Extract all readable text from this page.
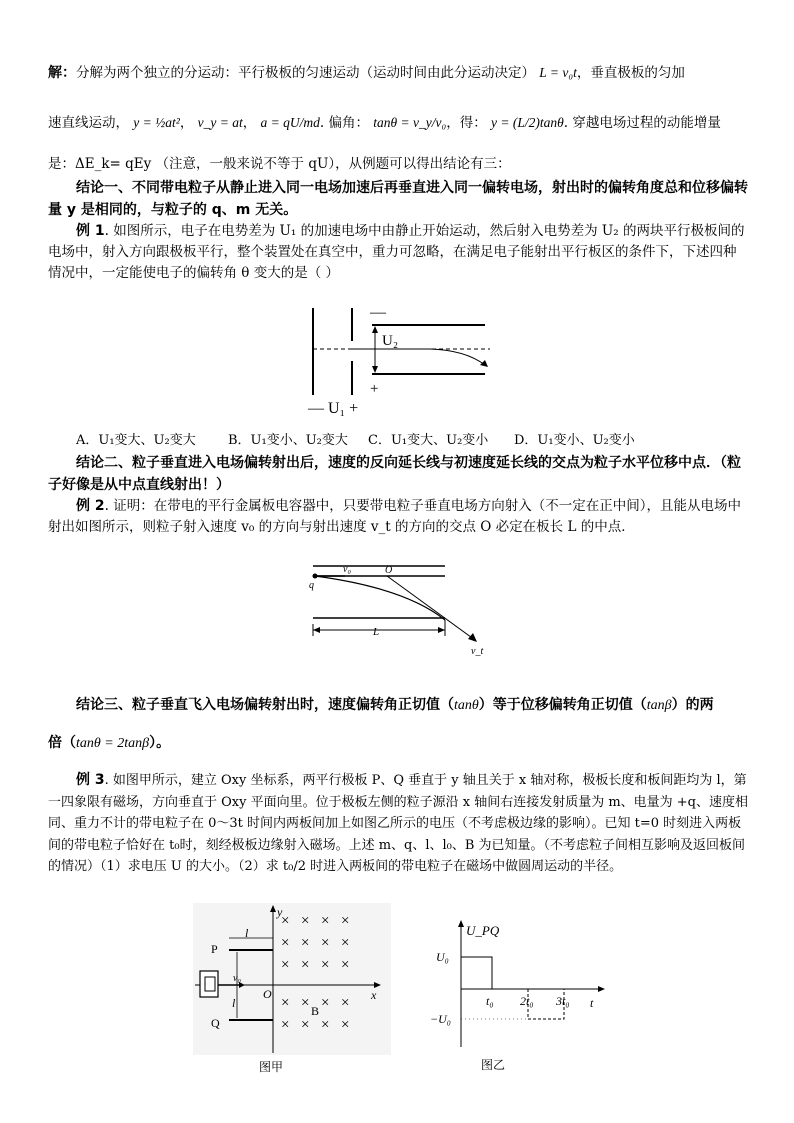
解：分解为两个独立的分运动：平行极板的匀速运动（运动时间由此分运动决定） L = v₀t，垂直极板的匀加
速直线运动， y = ½at²， v_y = at， a = qU/md. 偏角： tanθ = v_y/v₀，得： y = (L/2)tanθ. 穿越电场过程的动能增量
是：ΔE_k= qEy （注意，一般来说不等于 qU），从例题可以得出结论有三：
结论一、不同带电粒子从静止进入同一电场加速后再垂直进入同一偏转电场，射出时的偏转角度总和位移偏转量 y 是相同的，与粒子的 q、m 无关。
例 1. 如图所示，电子在电势差为 U₁ 的加速电场中由静止开始运动，然后射入电势差为 U₂ 的两块平行极板间的电场中，射入方向跟极板平行，整个装置处在真空中，重力可忽略，在满足电子能射出平行板区的条件下，下述四种情况中，一定能使电子的偏转角 θ 变大的是（ ）
—
U₂
+
— U₁ +
A．U₁变大、U₂变大 B．U₁变小、U₂变大 C．U₁变大、U₂变小 D．U₁变小、U₂变小
结论二、粒子垂直进入电场偏转射出后，速度的反向延长线与初速度延长线的交点为粒子水平位移中点．（粒子好像是从中点直线射出！）
例 2. 证明：在带电的平行金属板电容器中，只要带电粒子垂直电场方向射入（不一定在正中间），且能从电场中射出如图所示，则粒子射入速度 v₀ 的方向与射出速度 v_t 的方向的交点 O 必定在板长 L 的中点．
v₀	O
q
L
v_t
结论三、粒子垂直飞入电场偏转射出时，速度偏转角正切值（tanθ）等于位移偏转角正切值（tanβ）的两
倍（tanθ = 2tanβ）。
例 3. 如图甲所示，建立 Oxy 坐标系，两平行极板 P、Q 垂直于 y 轴且关于 x 轴对称，极板长度和板间距均为 l，第一四象限有磁场，方向垂直于 Oxy 平面向里。位于极板左侧的粒子源沿 x 轴间右连接发射质量为 m、电量为 +q、速度相同、重力不计的带电粒子在 0～3t 时间内两板间加上如图乙所示的电压（不考虑极边缘的影响）。已知 t=0 时刻进入两板间的带电粒子恰好在 t₀时，刻经极板边缘射入磁场。上述 m、q、l、l₀、B 为已知量。（不考虑粒子间相互影响及返回板间的情况）（1）求电压 U 的大小。（2）求 t₀/2 时进入两板间的带电粒子在磁场中做圆周运动的半径。
× × × ×
× × × ×
× × × ×
× × × ×
× × × ×
y
x
O
P
Q
l
l
v₀
B
图甲
U_PQ
U₀
−U₀
t₀ 2t₀ 3t₀ t
图乙
